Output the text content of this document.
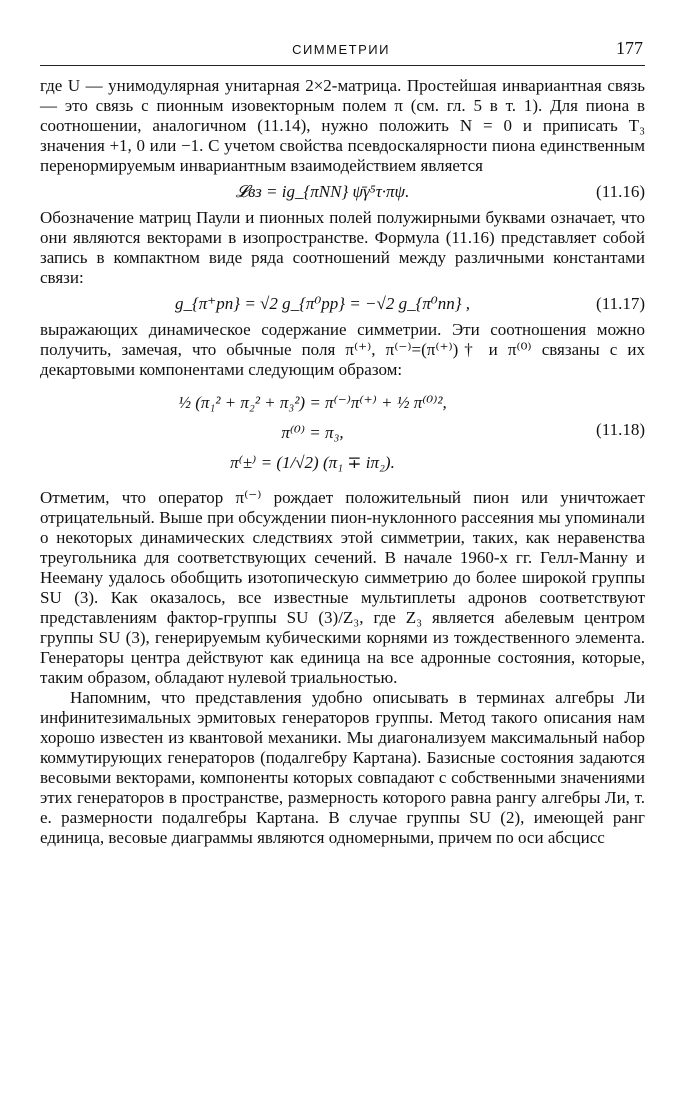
СИММЕТРИИ	177

где U — унимодулярная унитарная 2×2-матрица. Простейшая инвариантная связь — это связь с пионным изовекторным полем π (см. гл. 5 в т. 1). Для пиона в соотношении, аналогичном (11.14), нужно положить N = 0 и приписать T₃ значения +1, 0 или −1. С учетом свойства псевдоскалярности пиона единственным перенормируемым инвариантным взаимодействием является

𝓛вз = ig_{πNN} ψ̄γ⁵τ·πψ.	(11.16)

Обозначение матриц Паули и пионных полей полужирными буквами означает, что они являются векторами в изопространстве. Формула (11.16) представляет собой запись в компактном виде ряда соотношений между различными константами связи:

g_{π⁺pn} = √2 g_{π⁰pp} = −√2 g_{π⁰nn} ,	(11.17)

выражающих динамическое содержание симметрии. Эти соотношения можно получить, замечая, что обычные поля π⁽⁺⁾, π⁽⁻⁾=(π⁽⁺⁾)† и π⁽⁰⁾ связаны с их декартовыми компонентами следующим образом:

½ (π₁² + π₂² + π₃²) = π⁽⁻⁾π⁽⁺⁾ + ½ π⁽⁰⁾²,
π⁽⁰⁾ = π₃,
π⁽±⁾ = (1/√2) (π₁ ∓ iπ₂).
(11.18)

Отметим, что оператор π⁽⁻⁾ рождает положительный пион или уничтожает отрицательный. Выше при обсуждении пион-нуклонного рассеяния мы упоминали о некоторых динамических следствиях этой симметрии, таких, как неравенства треугольника для соответствующих сечений. В начале 1960-х гг. Гелл-Манну и Нееману удалось обобщить изотопическую симметрию до более широкой группы SU (3). Как оказалось, все известные мультиплеты адронов соответствуют представлениям фактор-группы SU (3)/Z₃, где Z₃ является абелевым центром группы SU (3), генерируемым кубическими корнями из тождественного элемента. Генераторы центра действуют как единица на все адронные состояния, которые, таким образом, обладают нулевой триальностью.

Напомним, что представления удобно описывать в терминах алгебры Ли инфинитезимальных эрмитовых генераторов группы. Метод такого описания нам хорошо известен из квантовой механики. Мы диагонализуем максимальный набор коммутирующих генераторов (подалгебру Картана). Базисные состояния задаются весовыми векторами, компоненты которых совпадают с собственными значениями этих генераторов в пространстве, размерность которого равна рангу алгебры Ли, т. е. размерности подалгебры Картана. В случае группы SU (2), имеющей ранг единица, весовые диаграммы являются одномерными, причем по оси абсцисс
